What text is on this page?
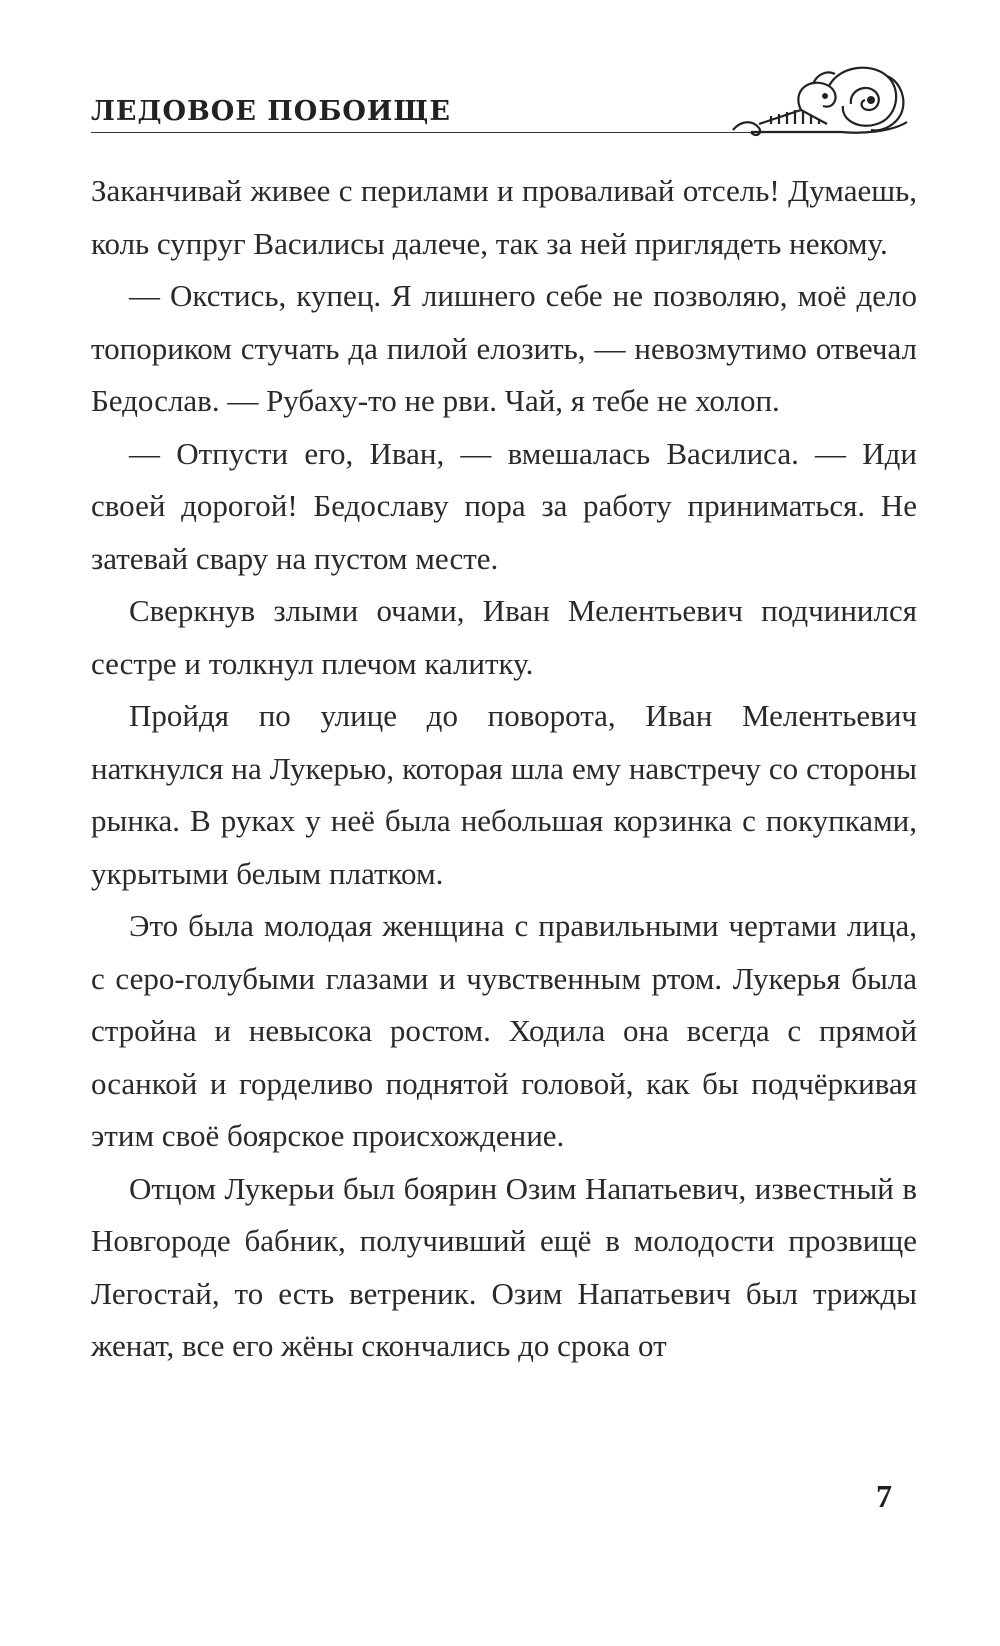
ЛЕДОВОЕ ПОБОИЩЕ

Заканчивай живее с перилами и проваливай отсель! Думаешь, коль супруг Василисы далече, так за ней приглядеть некому.

— Окстись, купец. Я лишнего себе не позволяю, моё дело топориком стучать да пилой елозить, — невозмутимо отвечал Бедослав. — Рубаху-то не рви. Чай, я тебе не холоп.

— Отпусти его, Иван, — вмешалась Василиса. — Иди своей дорогой! Бедославу пора за работу приниматься. Не затевай свару на пустом месте.

Сверкнув злыми очами, Иван Мелентьевич подчинился сестре и толкнул плечом калитку.

Пройдя по улице до поворота, Иван Мелентьевич наткнулся на Лукерью, которая шла ему навстречу со стороны рынка. В руках у неё была небольшая корзинка с покупками, укрытыми белым платком.

Это была молодая женщина с правильными чертами лица, с серо-голубыми глазами и чувственным ртом. Лукерья была стройна и невысока ростом. Ходила она всегда с прямой осанкой и горделиво поднятой головой, как бы подчёркивая этим своё боярское происхождение.

Отцом Лукерьи был боярин Озим Напатьевич, известный в Новгороде бабник, получивший ещё в молодости прозвище Легостай, то есть ветреник. Озим Напатьевич был трижды женат, все его жёны скончались до срока от

7
